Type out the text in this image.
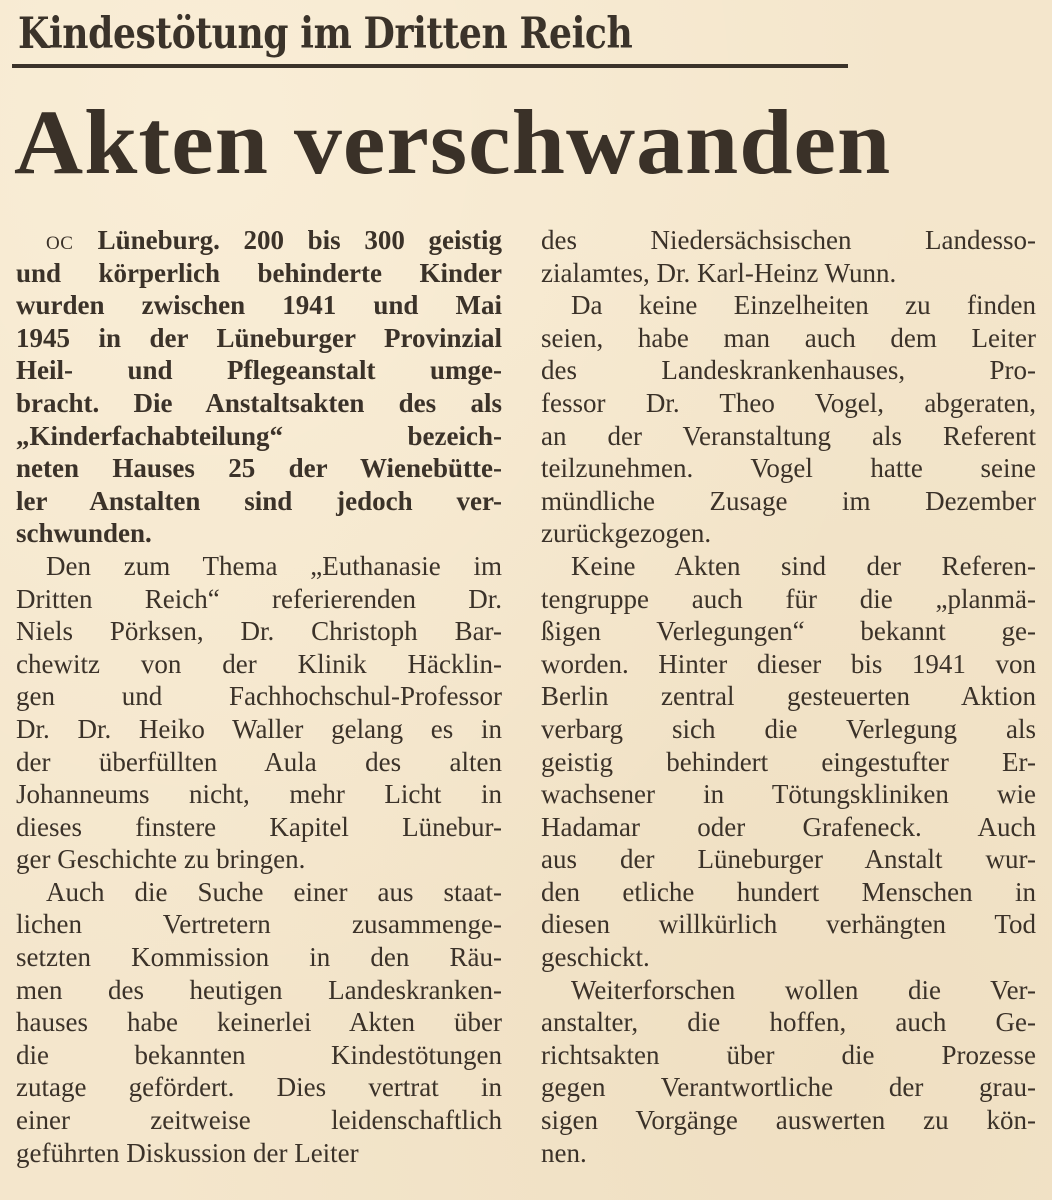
Kindestötung im Dritten Reich
Akten verschwanden

oc Lüneburg. 200 bis 300 geistig
und körperlich behinderte Kinder
wurden zwischen 1941 und Mai
1945 in der Lüneburger Provinzial
Heil- und Pflegeanstalt umge-
bracht. Die Anstaltsakten des als
„Kinderfachabteilung“ bezeich-
neten Hauses 25 der Wienebütte-
ler Anstalten sind jedoch ver-
schwunden.

Den zum Thema „Euthanasie im
Dritten Reich“ referierenden Dr.
Niels Pörksen, Dr. Christoph Bar-
chewitz von der Klinik Häcklin-
gen und Fachhochschul-Professor
Dr. Dr. Heiko Waller gelang es in
der überfüllten Aula des alten
Johanneums nicht, mehr Licht in
dieses finstere Kapitel Lünebur-
ger Geschichte zu bringen.

Auch die Suche einer aus staat-
lichen Vertretern zusammenge-
setzten Kommission in den Räu-
men des heutigen Landeskranken-
hauses habe keinerlei Akten über
die bekannten Kindestötungen
zutage gefördert. Dies vertrat in
einer zeitweise leidenschaftlich
geführten Diskussion der Leiter

des Niedersächsischen Landesso-
zialamtes, Dr. Karl-Heinz Wunn.

Da keine Einzelheiten zu finden
seien, habe man auch dem Leiter
des Landeskrankenhauses, Pro-
fessor Dr. Theo Vogel, abgeraten,
an der Veranstaltung als Referent
teilzunehmen. Vogel hatte seine
mündliche Zusage im Dezember
zurückgezogen.

Keine Akten sind der Referen-
tengruppe auch für die „planmä-
ßigen Verlegungen“ bekannt ge-
worden. Hinter dieser bis 1941 von
Berlin zentral gesteuerten Aktion
verbarg sich die Verlegung als
geistig behindert eingestufter Er-
wachsener in Tötungskliniken wie
Hadamar oder Grafeneck. Auch
aus der Lüneburger Anstalt wur-
den etliche hundert Menschen in
diesen willkürlich verhängten Tod
geschickt.

Weiterforschen wollen die Ver-
anstalter, die hoffen, auch Ge-
richtsakten über die Prozesse
gegen Verantwortliche der grau-
sigen Vorgänge auswerten zu kön-
nen.
